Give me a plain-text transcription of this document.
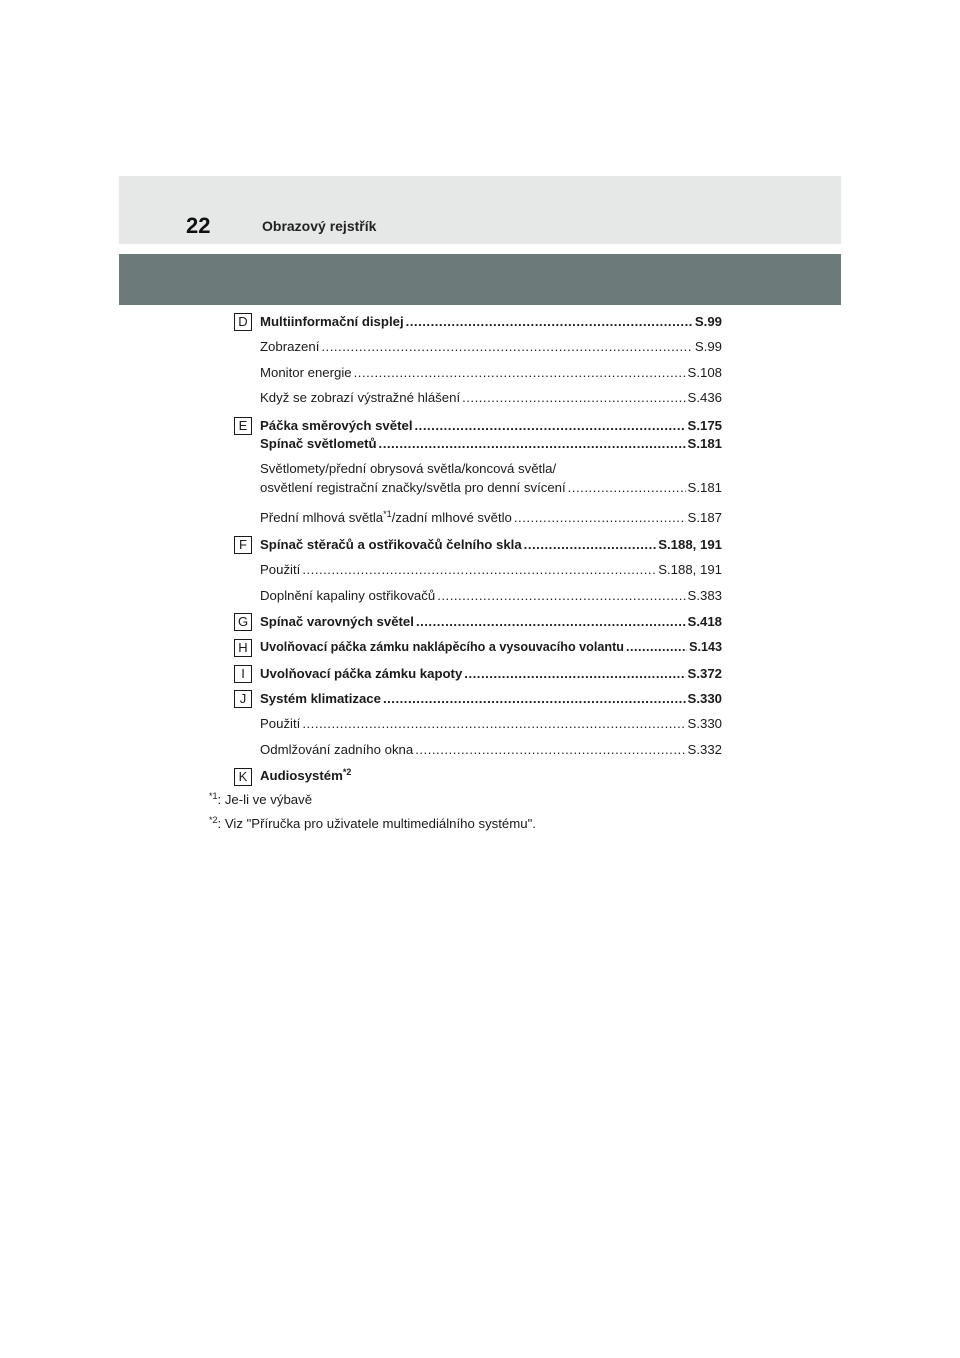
22	Obrazový rejstřík
D Multiinformační displej .....	S.99
Zobrazení .....	S.99
Monitor energie .....	S.108
Když se zobrazí výstražné hlášení .....	S.436
E Páčka směrových světel .....	S.175
Spínač světlometů .....	S.181
Světlomety/přední obrysová světla/koncová světla/
osvětlení registrační značky/světla pro denní svícení .....	S.181
Přední mlhová světla$^{*1}$/zadní mlhové světlo .....	S.187
F Spínač stěračů a ostřikovačů čelního skla .....	S.188, 191
Použití .....	S.188, 191
Doplnění kapaliny ostřikovačů .....	S.383
G Spínač varovných světel .....	S.418
H Uvolňovací páčka zámku naklápěcího a vysouvacího volantu .....	S.143
I	Uvolňovací páčka zámku kapoty .....	S.372
J	Systém klimatizace .....	S.330
Použití .....	S.330
Odmlžování zadního okna .....	S.332
K Audiosystém$^{*2}$
$^{*1}$: Je-li ve výbavě
$^{*2}$: Viz "Příručka pro uživatele multimediálního systému".
